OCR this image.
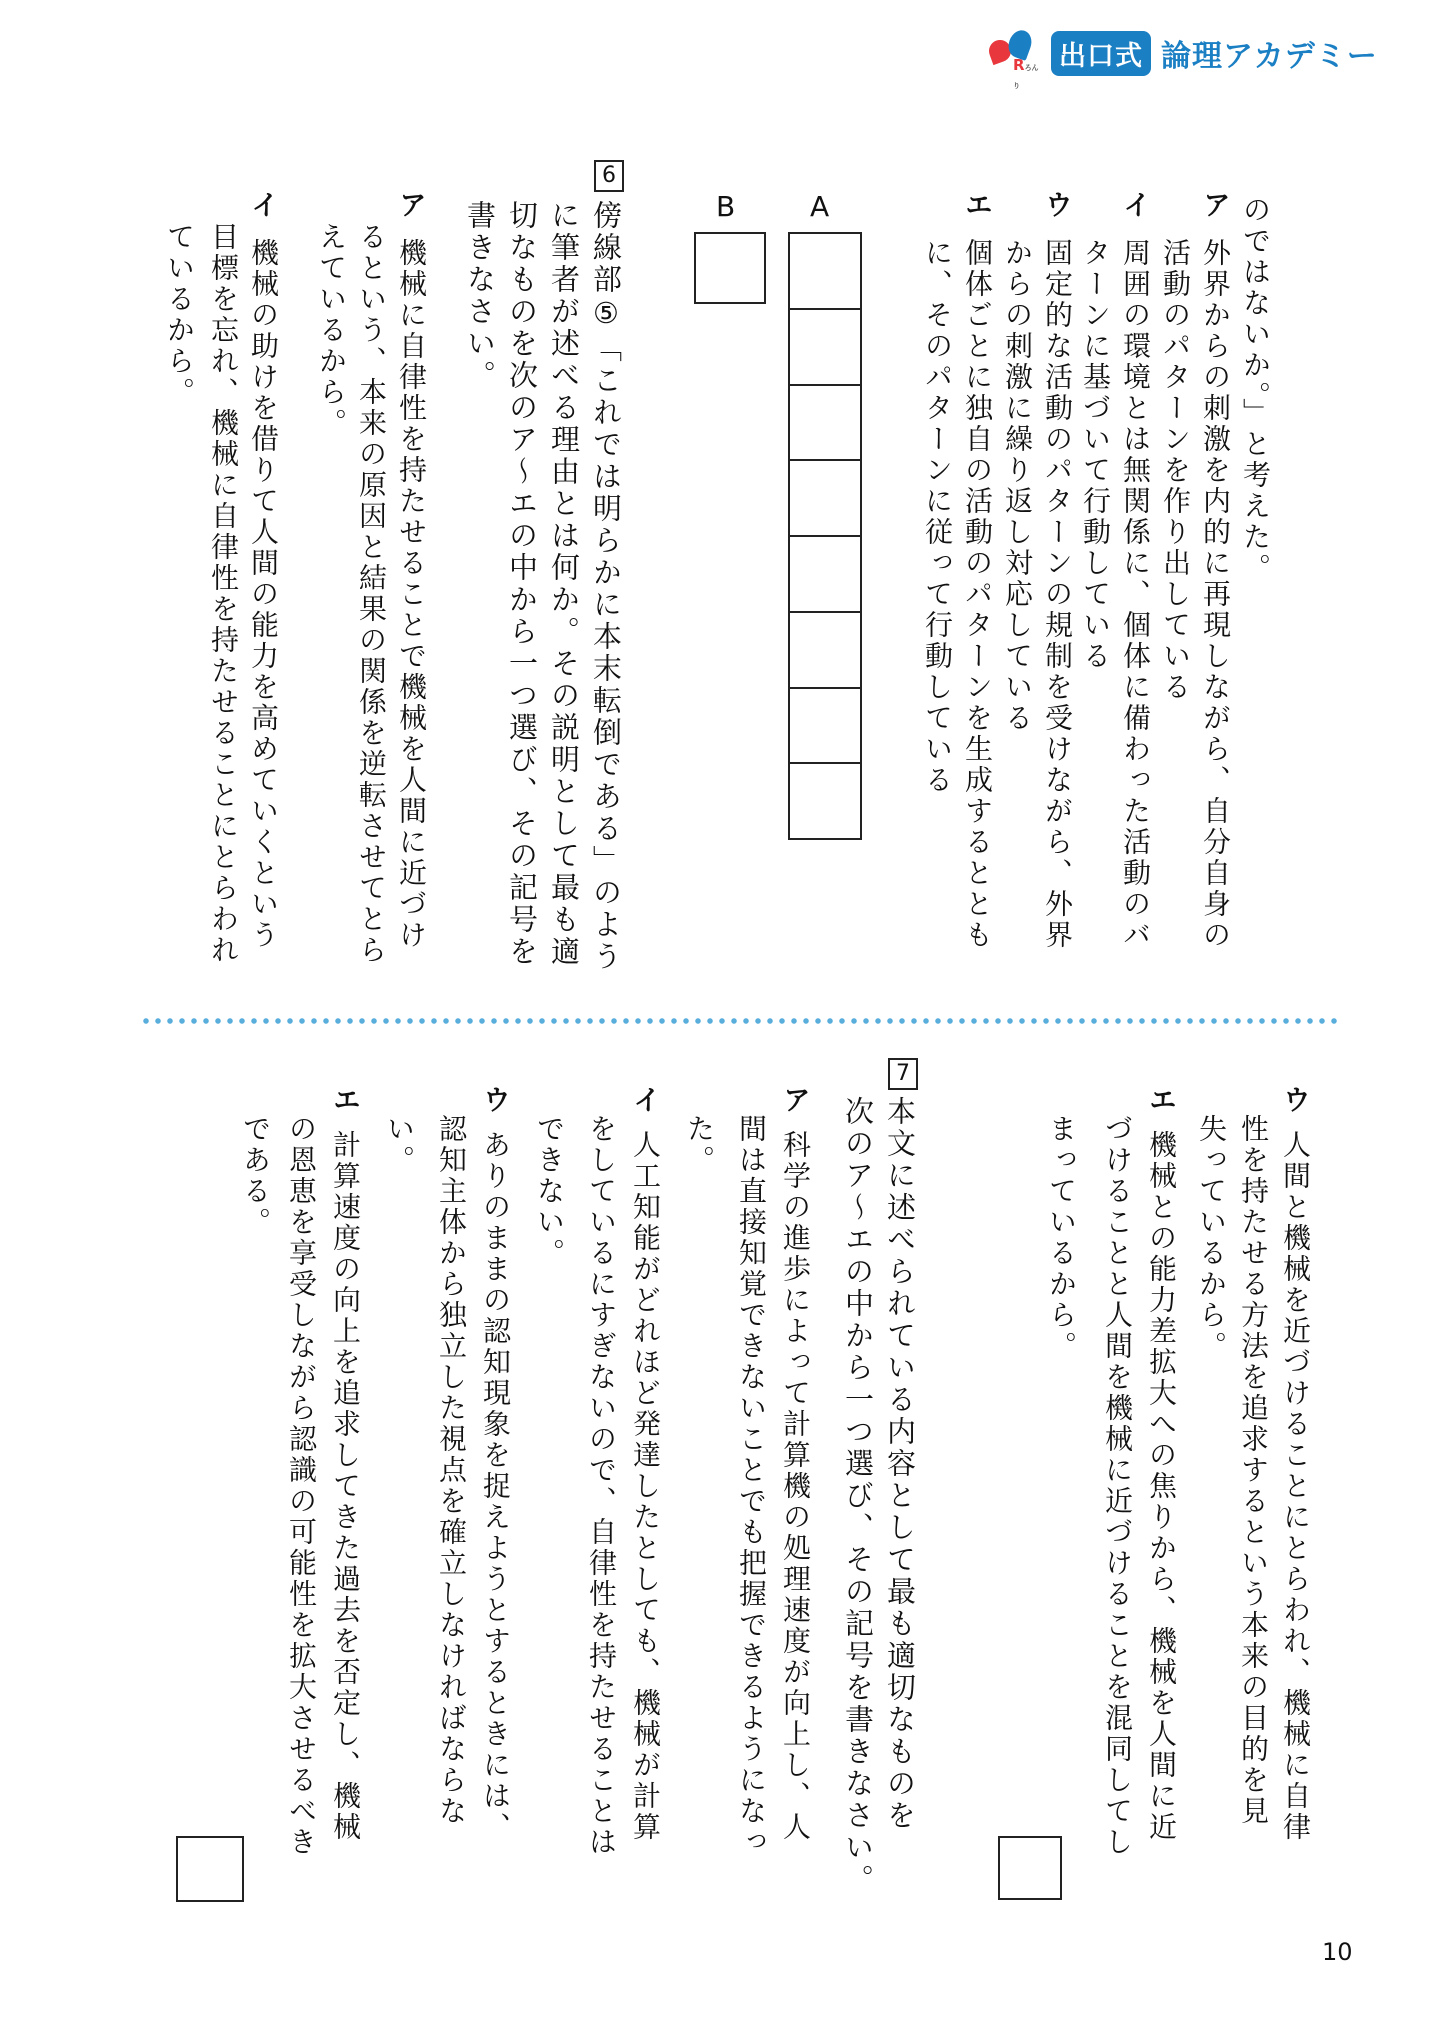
Rろんり
出口式 論理アカデミー
のではないか。」と考えた。
ア
外界からの刺激を内的に再現しながら、自分自身の
活動のパターンを作り出している
イ
周囲の環境とは無関係に、個体に備わった活動のバ
ターンに基づいて行動している
ウ
固定的な活動のパターンの規制を受けながら、外界
からの刺激に繰り返し対応している
エ
個体ごとに独自の活動のパターンを生成するととも
に、そのパターンに従って行動している
A
B
6
傍線部⑤「これでは明らかに本末転倒である」のよう
に筆者が述べる理由とは何か。その説明として最も適
切なものを次のア～エの中から一つ選び、その記号を
書きなさい。
ア
機械に自律性を持たせることで機械を人間に近づけ
るという、本来の原因と結果の関係を逆転させてとら
えているから。
イ
機械の助けを借りて人間の能力を高めていくという
目標を忘れ、機械に自律性を持たせることにとらわれ
ているから。
ウ
人間と機械を近づけることにとらわれ、機械に自律
性を持たせる方法を追求するという本来の目的を見
失っているから。
エ
機械との能力差拡大への焦りから、機械を人間に近
づけることと人間を機械に近づけることを混同してし
まっているから。
7
本文に述べられている内容として最も適切なものを
次のア～エの中から一つ選び、その記号を書きなさい。
ア
科学の進歩によって計算機の処理速度が向上し、人
間は直接知覚できないことでも把握できるようになっ
た。
イ
人工知能がどれほど発達したとしても、機械が計算
をしているにすぎないので、自律性を持たせることは
できない。
ウ
ありのままの認知現象を捉えようとするときには、
認知主体から独立した視点を確立しなければならな
い。
エ
計算速度の向上を追求してきた過去を否定し、機械
の恩恵を享受しながら認識の可能性を拡大させるべき
である。
10
